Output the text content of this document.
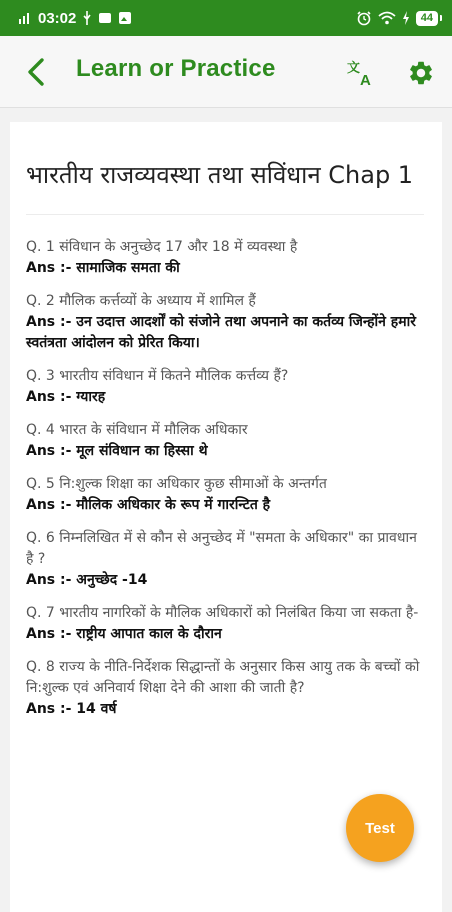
03:02	44
Learn or Practice	文
A
भारतीय राजव्यवस्था तथा सविंधान Chap 1
Q. 1 संविधान के अनुच्छेद 17 और 18 में व्यवस्था है
Ans :- सामाजिक समता की
Q. 2 मौलिक कर्त्तव्यों के अध्याय में शामिल हैं
Ans :- उन उदात्त आदर्शों को संजोने तथा अपनाने का कर्तव्य जिन्होंने हमारे स्वतंत्रता आंदोलन को प्रेरित किया।
Q. 3 भारतीय संविधान में कितने मौलिक कर्त्तव्य हैं?
Ans :- ग्यारह
Q. 4 भारत के संविधान में मौलिक अधिकार
Ans :- मूल संविधान का हिस्सा थे
Q. 5 नि:शुल्क शिक्षा का अधिकार कुछ सीमाओं के अन्तर्गत
Ans :- मौलिक अधिकार के रूप में गारन्टित है
Q. 6 निम्नलिखित में से कौन से अनुच्छेद में "समता के अधिकार" का प्रावधान है ?
Ans :- अनुच्छेद -14
Q. 7 भारतीय नागरिकों के मौलिक अधिकारों को निलंबित किया जा सकता है-
Ans :- राष्ट्रीय आपात काल के दौरान
Q. 8 राज्य के नीति-निर्देशक सिद्धान्तों के अनुसार किस आयु तक के बच्चों को नि:शुल्क एवं अनिवार्य शिक्षा देने की आशा की जाती है?
Ans :- 14 वर्ष
Test
